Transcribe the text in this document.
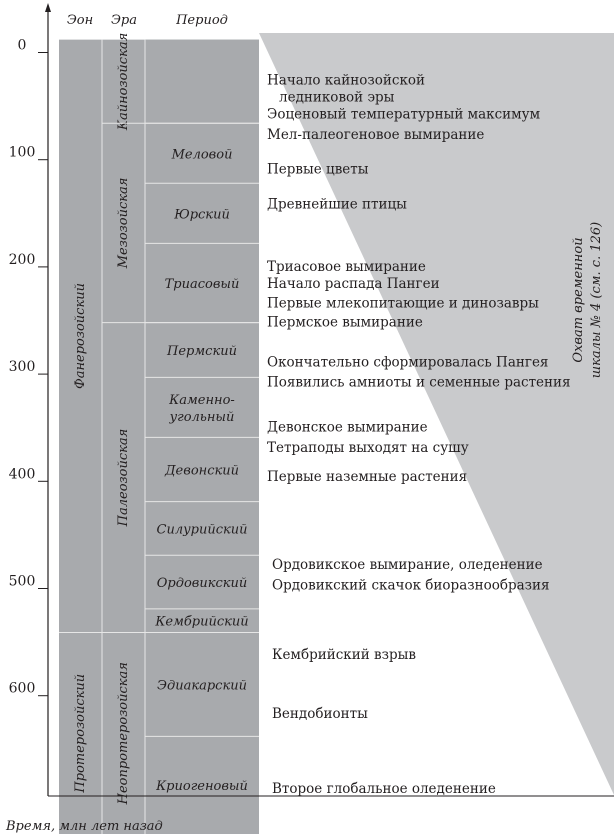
Охват временной шкалы № 4 (см. с. 126)
Фанерозойский
Протерозойский
Кайнозойская
Мезозойская
Палеозойская
Неопротерозойская
Меловой
Юрский
Триасовый
Пермский
Каменно-угольный
Девонский
Силурийский
Ордовикский
Кембрийский
Эдиакарский
Криогеновый
0
100
200
300
400
500
600
Эон Эра	Период
Начало кайнозойской
ледниковой эры
Эоценовый температурный максимум
Мел-палеогеновое вымирание
Первые цветы
Древнейшие птицы
Триасовое вымирание
Начало распада Пангеи
Первые млекопитающие и динозавры
Пермское вымирание
Окончательно сформировалась Пангея
Появились амниоты и семенные растения
Девонское вымирание
Тетраподы выходят на сушу
Первые наземные растения
Ордовикское вымирание, оледенение
Ордовикский скачок биоразнообразия
Кембрийский взрыв
Вендобионты
Второе глобальное оледенение
Время, млн лет назад
